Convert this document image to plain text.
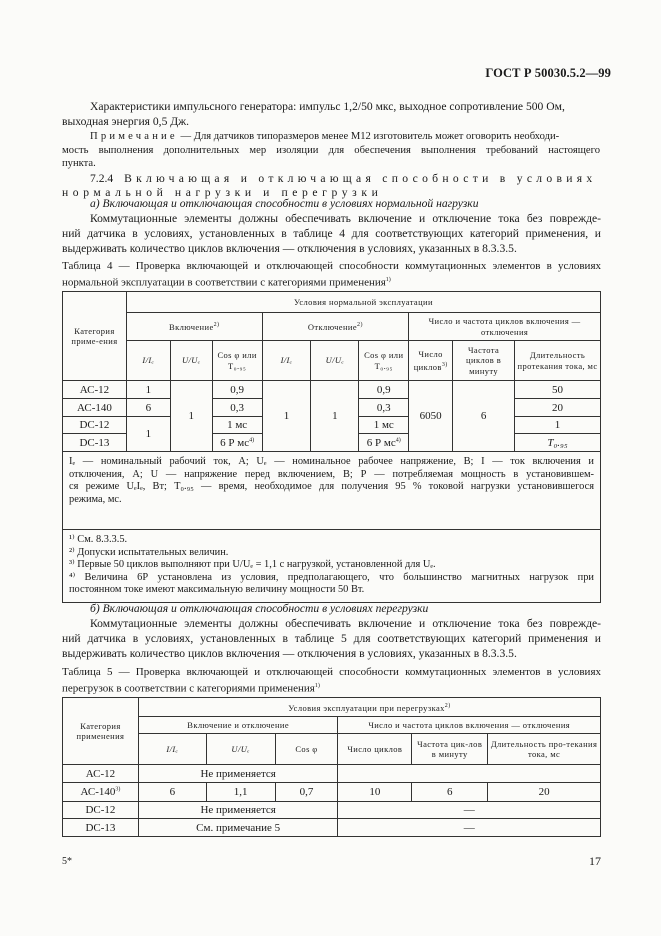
ГОСТ Р 50030.5.2—99
Характеристики импульсного генератора: импульс 1,2/50 мкс, выходное сопротивление 500 Ом,
выходная энергия 0,5 Дж.
Примечание — Для датчиков типоразмеров менее М12 изготовитель может оговорить необходи-
мость выполнения дополнительных мер изоляции для обеспечения выполнения требований настоящего
пункта.
7.2.4 Включающая и отключающая способности в условиях
нормальной нагрузки и перегрузки
а) Включающая и отключающая способности в условиях нормальной нагрузки
Коммутационные элементы должны обеспечивать включение и отключение тока без поврежде-
ний датчика в условиях, установленных в таблице 4 для соответствующих категорий применения, и
выдерживать количество циклов включения — отключения в условиях, указанных в 8.3.3.5.
Таблица 4 — Проверка включающей и отключающей способности коммутационных элементов в условиях
нормальной эксплуатации в соответствии с категориями применения$^{1)}$
Категория приме-ения	Условия нормальной эксплуатации								
	Включение$^{2)}$			Отключение$^{2)}$			Число и частота циклов включения — отключения		
	I/Iₑ	U/Uₑ	Cos φ или T₀.₉₅	I/Iₑ	U/Uₑ	Cos φ или T₀.₉₅	Число циклов$^{3)}$	Частота циклов в минуту	Длительность протекания тока, мс
АС-12	1	1	0,9	1	1	0,9	6050	6	50
АС-140	6		0,3			0,3			20
DC-12	1		1 мс			1 мс			1
DC-13			6 Р $мс^{4)}$			6 Р $мс^{4)}$			T₀.₉₅

Iₑ — номинальный рабочий ток, А; Uₑ — номинальное рабочее напряжение, В; I — ток включения и
отключения, А; U — напряжение перед включением, В; Р — потребляемая мощность в установившем-
ся режиме UₑIₑ, Вт; T₀.₉₅ — время, необходимое для получения 95 % токовой нагрузки установившегося
режима, мс.									

¹⁾ См. 8.3.3.5.
²⁾ Допуски испытательных величин.
³⁾ Первые 50 циклов выполняют при U/Uₑ = 1,1 с нагрузкой, установленной для Uₑ.
⁴⁾ Величина 6Р установлена из условия, предполагающего, что большинство магнитных нагрузок при
постоянном токе имеют максимальную величину мощности 50 Вт.									
б) Включающая и отключающая способности в условиях перегрузки
Коммутационные элементы должны обеспечивать включение и отключение тока без поврежде-
ний датчика в условиях, установленных в таблице 5 для соответствующих категорий применения и
выдерживать количество циклов включения — отключения в условиях, указанных в 8.3.3.5.
Таблица 5 — Проверка включающей и отключающей способности коммутационных элементов в условиях
перегрузок в соответствии с категориями применения$^{1)}$
Категория применения	Условия эксплуатации при перегрузках$^{2)}$
	Включение и отключение			Число и частота циклов включения — отключения		
	I/Iₑ	U/Uₑ	Cos φ	Число циклов	Частота цик-лов в минуту	Длительность про-текания тока, мс
АС-12	Не применяется					
АС-140$^{3)}$	6	1,1	0,7	10	6	20
DC-12	Не применяется			—		
DC-13	См. примечание 5			—		
5*	17
